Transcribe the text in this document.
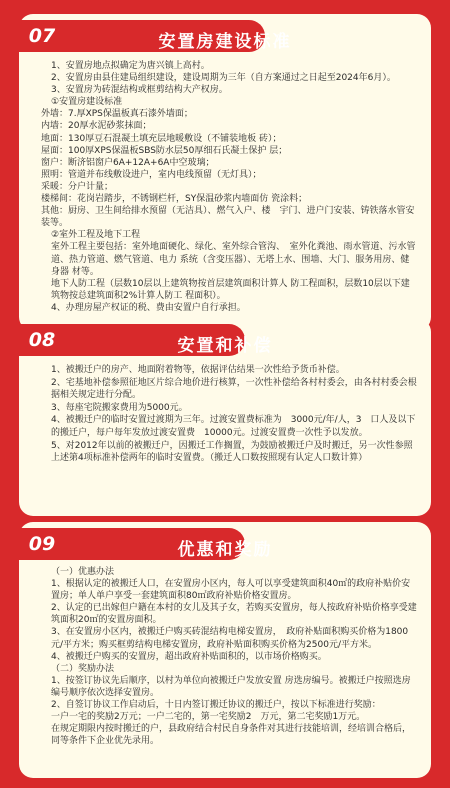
07	安置房建设标准
1、安置房地点拟确定为唐兴镇上高村。
2、安置房由县住建局组织建设，建设周期为三年（自方案通过之日起至2024年6月）。
3、安置房为砖混结构或框剪结构大产权房。
①安置房建设标准
外墙：7.厚XPS保温板真石漆外墙面；
内墙：20厚水泥砂浆抹面；
地面：130厚豆石混凝土填充层地暖敷设（不铺装地板 砖）；
屋面：100厚XPS保温板SBS防水层50厚细石氏凝土保护 层；
窗户：断济铝窗户6A+12A+6A中空玻璃；
照明：管道并布线敷设进户，室内电线预留（无灯具）；
采暖：分户计量；
楼梯间：花岗岩踏步，不锈钢栏杆，SY保温砂浆内墙面仿 瓷涂料；
其他：厨房、卫生间给排水预留（无洁具）、燃气入户、楼　宇门、进户门安装、铸铁落水管安装等。
②室外工程及地下工程
室外工程主要包括：室外地面硬化、绿化、室外综合管沟、　室外化粪池、雨水管道、污水管道、热力管道、燃气管道、电力 系统（含变压器）、无塔上水、围墙、大门、服务用房、健身器 材等。
地下人防工程（层数10层以上建筑物按首层建筑面积计算人 防工程面积，层数10层以下建筑物按总建筑面积2%计算人防工 程面积）。
4、办理房屋产权证的税、费由安置户自行承担。
08	安置和补偿
1、被搬迁户的房产、地面附着物等，依据评估结果一次性给予货币补偿。
2、宅基地补偿参照征地区片综合地价进行核算，一次性补偿给各村村委会，由各村村委会根据相关规定进行分配。
3、每座宅院搬家费用为5000元。
4、被搬迁户的临时安置过渡期为三年。过渡安置费标准为　3000元/年/人，3　口人及以下的搬迁户，每户每年发放过渡安置费　10000元。过渡安置费一次性予以发放。
5、对2012年以前的被搬迁户，因搬迁工作搁置，为鼓励被搬迁户及时搬迁，另一次性参照上述第4项标准补偿两年的临时安置费。（搬迁人口数按照现有认定人口数计算）
09	优惠和奖励
（一）优惠办法
1、根据认定的被搬迁人口，在安置房小区内，每人可以享受建筑面积40㎡的政府补贴价安置房；单人单户享受一套建筑面积80㎡政府补贴价格安置房。
2、认定的已出嫁但户籍在本村的女儿及其子女，若购买安置房，每人按政府补贴价格享受建筑面积20㎡的安置房面积。
3、在安置房小区内，被搬迁户购买砖混结构电梯安置房，　政府补贴面积购买价格为1800元/平方米；购买框剪结构电梯安置房，政府补贴面积购买价格为2500元/平方米。
4、被搬迁户购买的安置房，超出政府补贴面积的，以市场价格购买。
（二）奖励办法
1、按签订协议先后顺序，以村为单位向被搬迁户发放安置 房选房编号。被搬迁户按照选房编号顺序依次选择安置房。
2、自签订协议工作启动后，十日内签订搬迁协议的搬迁户，按以下标准进行奖励：
一户一宅的奖励2万元；一户二宅的，第一宅奖励2　万元，第二宅奖励1万元。
在规定期限内按时搬迁的户，县政府结合村民自身条件对其进行技能培训，经培训合格后，同等条件下企业优先录用。
